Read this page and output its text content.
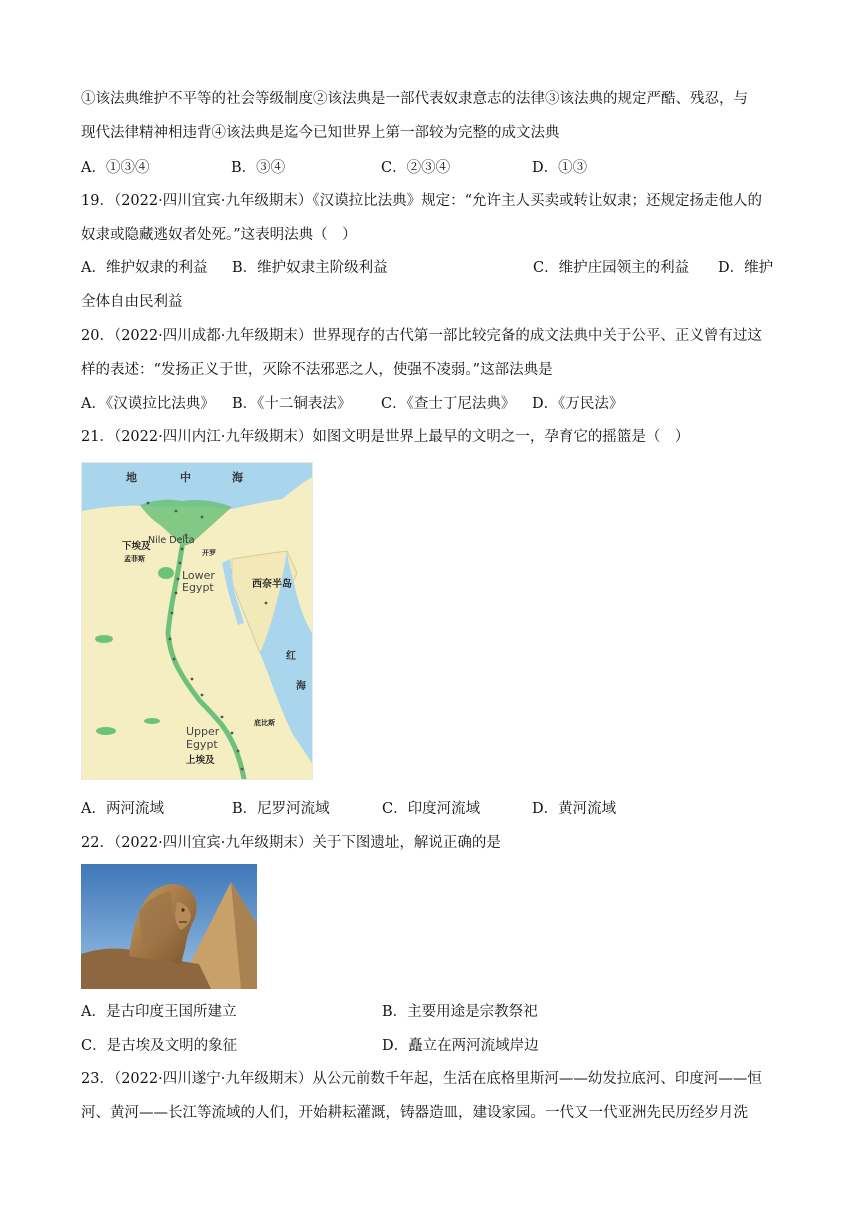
①该法典维护不平等的社会等级制度②该法典是一部代表奴隶意志的法律③该法典的规定严酷、残忍，与
现代法律精神相违背④该法典是迄今已知世界上第一部较为完整的成文法典
A．①③④	B．③④	C．②③④	D．①③
19．（2022·四川宜宾·九年级期末）《汉谟拉比法典》规定：“允许主人买卖或转让奴隶；还规定扬走他人的
奴隶或隐藏逃奴者处死。”这表明法典（　）
A．维护奴隶的利益 B．维护奴隶主阶级利益	C．维护庄园领主的利益 D．维护
全体自由民利益
20．（2022·四川成都·九年级期末）世界现存的古代第一部比较完备的成文法典中关于公平、正义曾有过这
样的表述：“发扬正义于世，灭除不法邪恶之人，使强不凌弱。”这部法典是
A．《汉谟拉比法典》 B．《十二铜表法》 C．《查士丁尼法典》 D．《万民法》
21．（2022·四川内江·九年级期末）如图文明是世界上最早的文明之一，孕育它的摇篮是（　）
地	中	海
Nile Delta
下埃及
Lower
Egypt
孟菲斯
开罗
西奈半岛
红
海
Upper
Egypt
上埃及
底比斯
A．两河流域	B．尼罗河流域	C．印度河流域	D．黄河流域
22．（2022·四川宜宾·九年级期末）关于下图遗址，解说正确的是
A．是古印度王国所建立	B．主要用途是宗教祭祀
C．是古埃及文明的象征	D．矗立在两河流域岸边
23．（2022·四川遂宁·九年级期末）从公元前数千年起，生活在底格里斯河——幼发拉底河、印度河——恒
河、黄河——长江等流域的人们，开始耕耘灌溉，铸器造皿，建设家园。一代又一代亚洲先民历经岁月洗
